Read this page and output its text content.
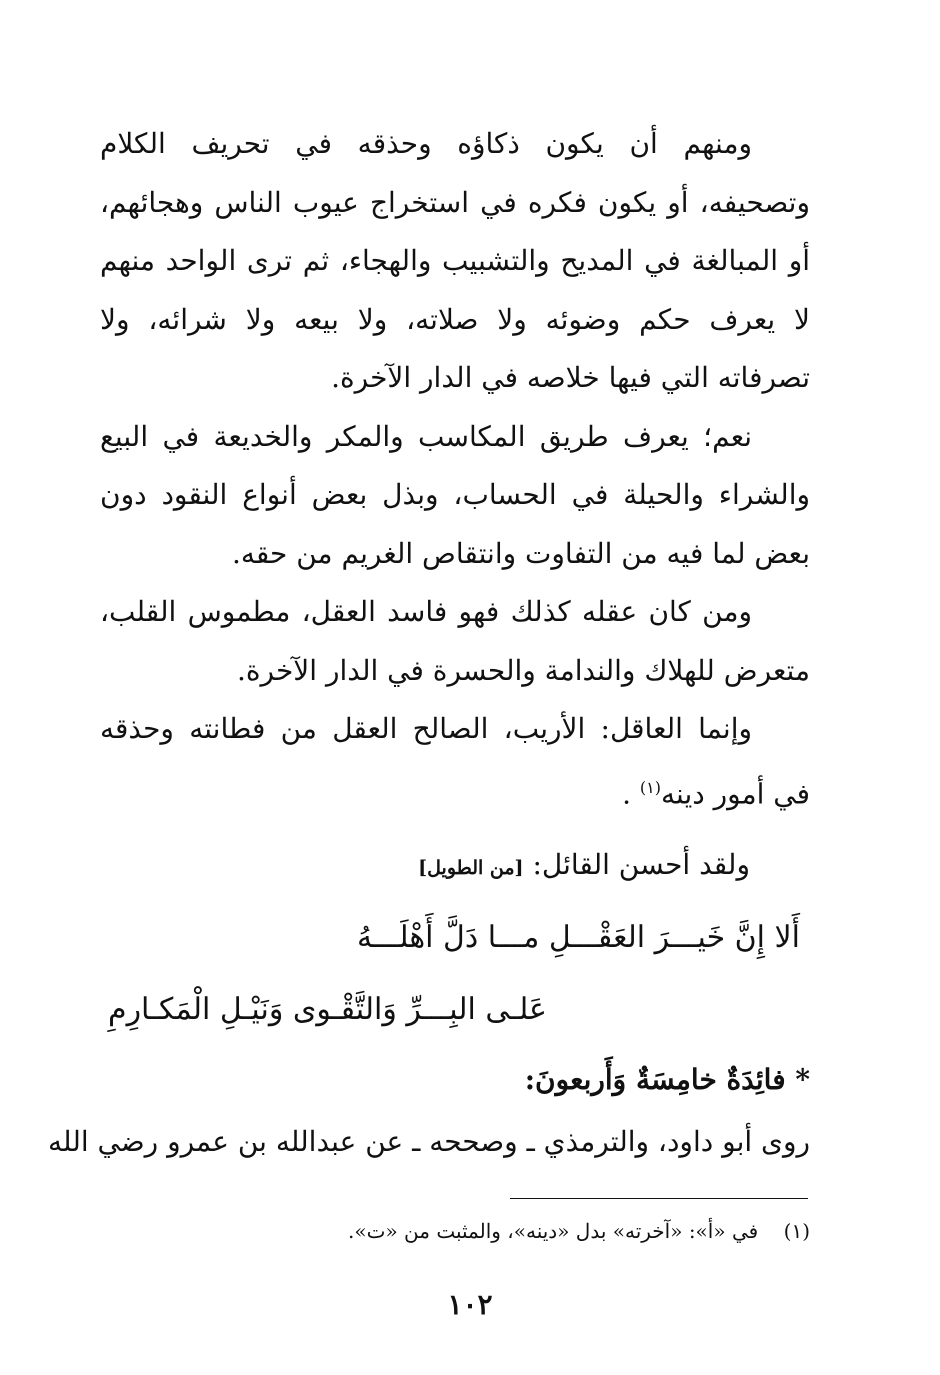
ومنهم أن يكون ذكاؤه وحذقه في تحريف الكلام وتصحيفه، أو يكون فكره في استخراج عيوب الناس وهجائهم، أو المبالغة في المديح والتشبيب والهجاء، ثم ترى الواحد منهم لا يعرف حكم وضوئه ولا صلاته، ولا بيعه ولا شرائه، ولا تصرفاته التي فيها خلاصه في الدار الآخرة.

نعم؛ يعرف طريق المكاسب والمكر والخديعة في البيع والشراء والحيلة في الحساب، وبذل بعض أنواع النقود دون بعض لما فيه من التفاوت وانتقاص الغريم من حقه.

ومن كان عقله كذلك فهو فاسد العقل، مطموس القلب، متعرض للهلاك والندامة والحسرة في الدار الآخرة.

وإنما العاقل: الأريب، الصالح العقل من فطانته وحذقه في أمور دينه$^{(١)}$ .

ولقد أحسن القائل: [من الطويل]
أَلا إِنَّ خَيـــرَ العَقْـــلِ مـــا دَلَّ أَهْلَـــهُ
عَلـى البِـــرِّ وَالتَّقْـوى وَنَيْـلِ الْمَكـارِمِ
* فائِدَةٌ خامِسَةٌ وَأَربعونَ:
روى أبو داود، والترمذي ـ وصححه ـ عن عبدالله بن عمرو رضي الله
(١)    في «أ»: «آخرته» بدل «دينه»، والمثبت من «ت».
١٠٢
